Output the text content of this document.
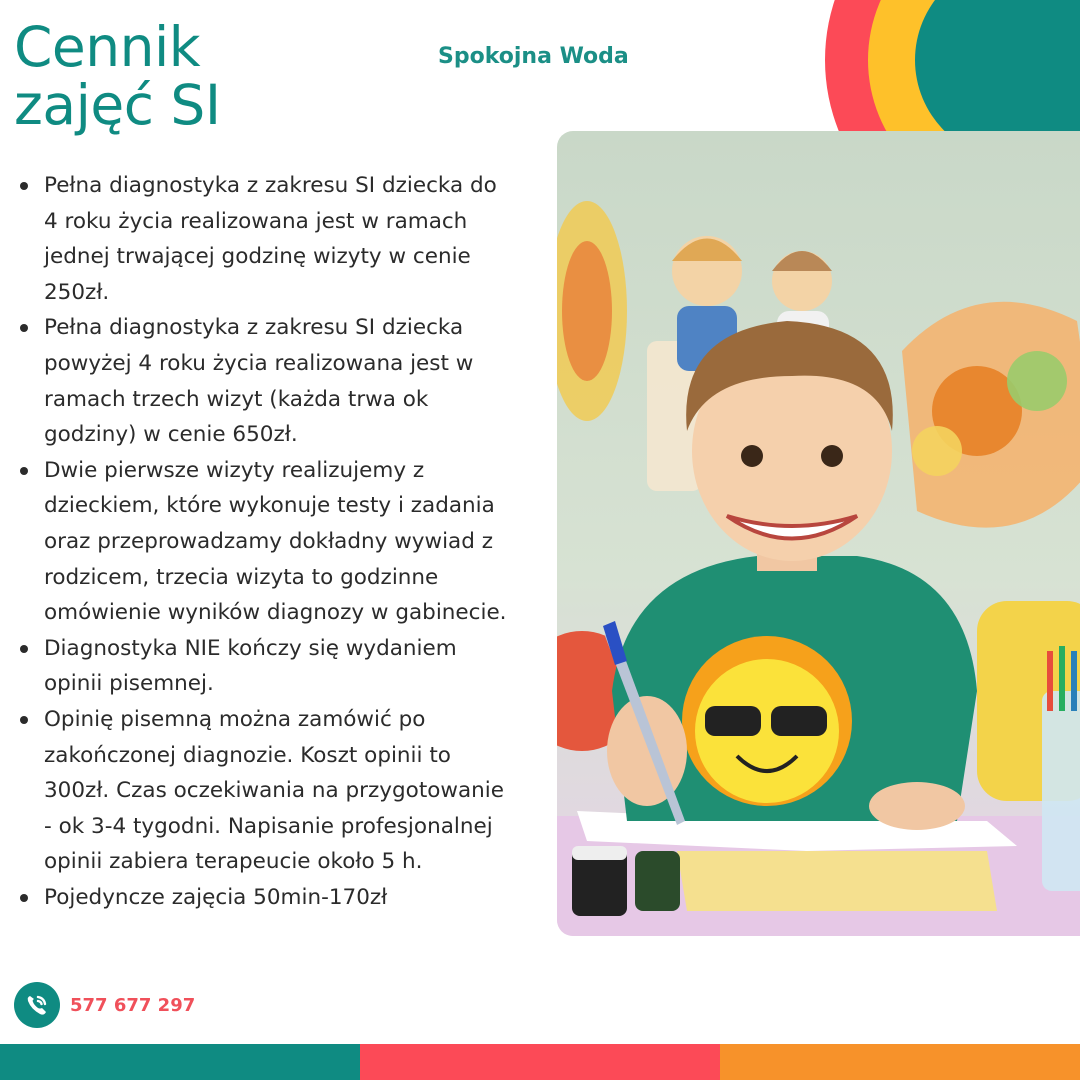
Cennik
zajęć SI
Spokojna Woda
Pełna diagnostyka z zakresu SI dziecka do 4 roku życia realizowana jest w ramach jednej trwającej godzinę wizyty w cenie 250zł.
Pełna diagnostyka z zakresu SI dziecka powyżej 4 roku życia realizowana jest w ramach trzech wizyt (każda trwa ok godziny) w cenie 650zł.
Dwie pierwsze wizyty realizujemy z dzieckiem, które wykonuje testy i zadania oraz przeprowadzamy dokładny wywiad z rodzicem, trzecia wizyta to godzinne omówienie wyników diagnozy w gabinecie.
Diagnostyka NIE kończy się wydaniem opinii pisemnej.
Opinię pisemną można zamówić po zakończonej diagnozie. Koszt opinii to 300zł. Czas oczekiwania na przygotowanie - ok 3-4 tygodni. Napisanie profesjonalnej opinii zabiera terapeucie około 5 h.
Pojedyncze zajęcia 50min-170zł
577 677 297
